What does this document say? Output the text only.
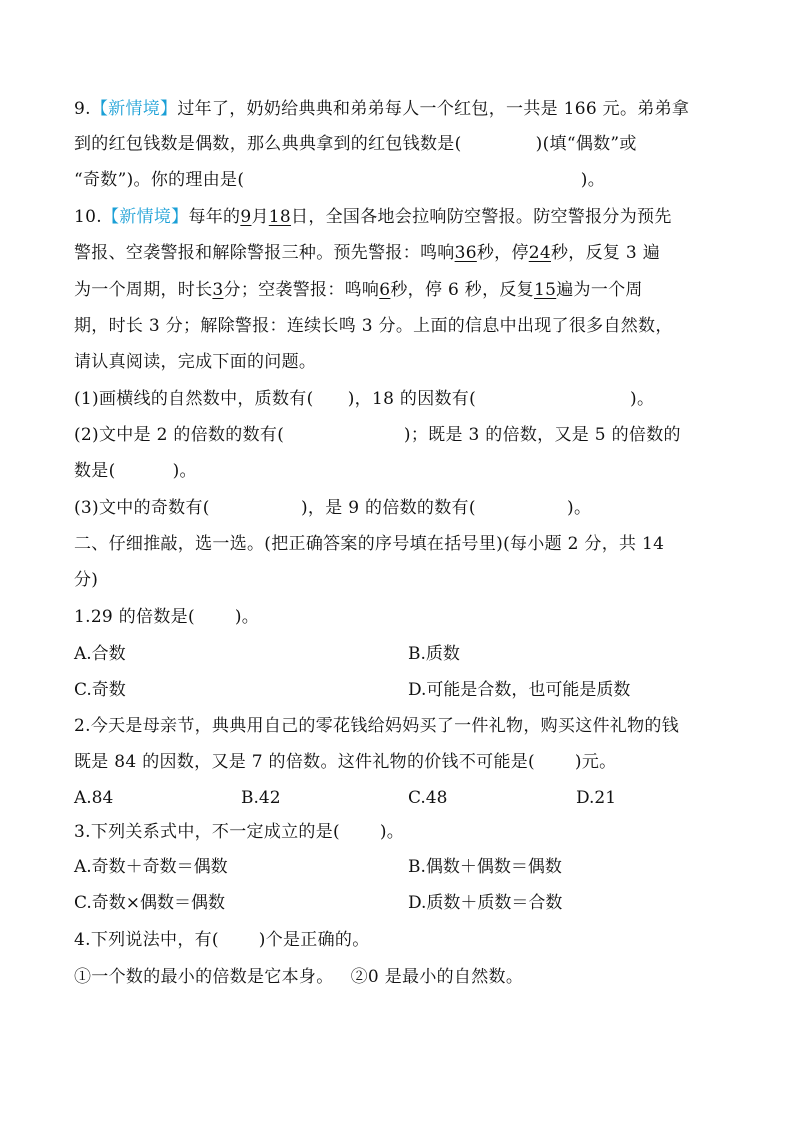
9.【新情境】过年了，奶奶给典典和弟弟每人一个红包，一共是 166 元。弟弟拿
到的红包钱数是偶数，那么典典拿到的红包钱数是(             )(填“偶数”或
“奇数”)。你的理由是(                                                           )。
10.【新情境】每年的9月18日，全国各地会拉响防空警报。防空警报分为预先
警报、空袭警报和解除警报三种。预先警报：鸣响36秒，停24秒，反复 3 遍
为一个周期，时长3分；空袭警报：鸣响6秒，停 6 秒，反复15遍为一个周
期，时长 3 分；解除警报：连续长鸣 3 分。上面的信息中出现了很多自然数，
请认真阅读，完成下面的问题。
(1)画横线的自然数中，质数有(      )，18 的因数有(                           )。
(2)文中是 2 的倍数的数有(                     )；既是 3 的倍数，又是 5 的倍数的
数是(          )。
(3)文中的奇数有(                )，是 9 的倍数的数有(                )。
二、仔细推敲，选一选。(把正确答案的序号填在括号里)(每小题 2 分，共 14
分)
1.29 的倍数是(       )。
A.合数	B.质数
C.奇数	D.可能是合数，也可能是质数
2.今天是母亲节，典典用自己的零花钱给妈妈买了一件礼物，购买这件礼物的钱
既是 84 的因数，又是 7 的倍数。这件礼物的价钱不可能是(       )元。
A.84	B.42	C.48	D.21
3.下列关系式中，不一定成立的是(       )。
A.奇数＋奇数＝偶数	B.偶数＋偶数＝偶数
C.奇数×偶数＝偶数	D.质数＋质数＝合数
4.下列说法中，有(       )个是正确的。
①一个数的最小的倍数是它本身。   ②0 是最小的自然数。
